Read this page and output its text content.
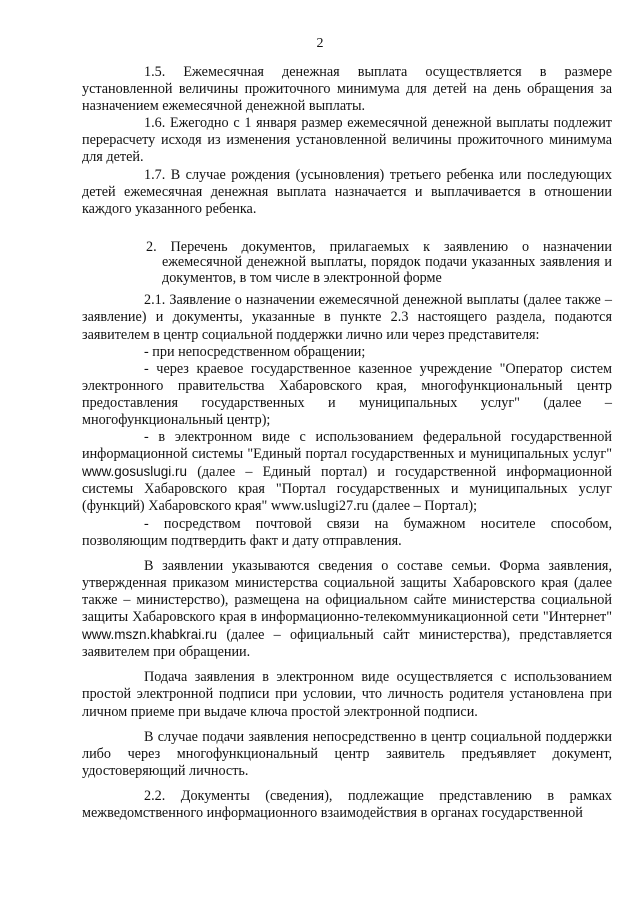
2

1.5. Ежемесячная денежная выплата осуществляется в размере установленной величины прожиточного минимума для детей на день обращения за назначением ежемесячной денежной выплаты.

1.6. Ежегодно с 1 января размер ежемесячной денежной выплаты подлежит перерасчету исходя из изменения установленной величины прожиточного минимума для детей.

1.7. В случае рождения (усыновления) третьего ребенка или последующих детей ежемесячная денежная выплата назначается и выплачивается в отношении каждого указанного ребенка.

2. Перечень документов, прилагаемых к заявлению о назначении ежемесячной денежной выплаты, порядок подачи указанных заявления и документов, в том числе в электронной форме

2.1. Заявление о назначении ежемесячной денежной выплаты (далее также – заявление) и документы, указанные в пункте 2.3 настоящего раздела, подаются заявителем в центр социальной поддержки лично или через представителя:

- при непосредственном обращении;

- через краевое государственное казенное учреждение "Оператор систем электронного правительства Хабаровского края, многофункциональный центр предоставления государственных и муниципальных услуг" (далее – многофункциональный центр);

- в электронном виде с использованием федеральной государственной информационной системы "Единый портал государственных и муниципальных услуг" www.gosuslugi.ru (далее – Единый портал) и государственной информационной системы Хабаровского края "Портал государственных и муниципальных услуг (функций) Хабаровского края" www.uslugi27.ru (далее – Портал);

- посредством почтовой связи на бумажном носителе способом, позволяющим подтвердить факт и дату отправления.

В заявлении указываются сведения о составе семьи. Форма заявления, утвержденная приказом министерства социальной защиты Хабаровского края (далее также – министерство), размещена на официальном сайте министерства социальной защиты Хабаровского края в информационно-телекоммуникационной сети "Интернет" www.mszn.khabkrai.ru (далее – официальный сайт министерства), представляется заявителем при обращении.

Подача заявления в электронном виде осуществляется с использованием простой электронной подписи при условии, что личность родителя установлена при личном приеме при выдаче ключа простой электронной подписи.

В случае подачи заявления непосредственно в центр социальной поддержки либо через многофункциональный центр заявитель предъявляет документ, удостоверяющий личность.

2.2. Документы (сведения), подлежащие представлению в рамках межведомственного информационного взаимодействия в органах государственной
